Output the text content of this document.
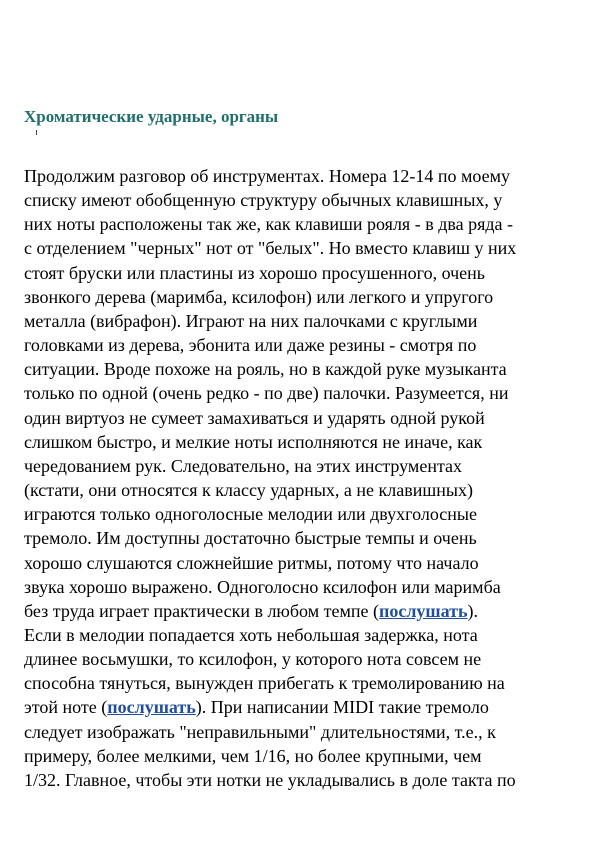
Хроматические ударные, органы

Продолжим разговор об инструментах. Номера 12-14 по моему
списку имеют обобщенную структуру обычных клавишных, у
них ноты расположены так же, как клавиши рояля - в два ряда -
с отделением "черных" нот от "белых". Но вместо клавиш у них
стоят бруски или пластины из хорошо просушенного, очень
звонкого дерева (маримба, ксилофон) или легкого и упругого
металла (вибрафон). Играют на них палочками с круглыми
головками из дерева, эбонита или даже резины - смотря по
ситуации. Вроде похоже на рояль, но в каждой руке музыканта
только по одной (очень редко - по две) палочки. Разумеется, ни
один виртуоз не сумеет замахиваться и ударять одной рукой
слишком быстро, и мелкие ноты исполняются не иначе, как
чередованием рук. Следовательно, на этих инструментах
(кстати, они относятся к классу ударных, а не клавишных)
играются только одноголосные мелодии или двухголосные
тремоло. Им доступны достаточно быстрые темпы и очень
хорошо слушаются сложнейшие ритмы, потому что начало
звука хорошо выражено. Одноголосно ксилофон или маримба
без труда играет практически в любом темпе (послушать).
Если в мелодии попадается хоть небольшая задержка, нота
длинее восьмушки, то ксилофон, у которого нота совсем не
способна тянуться, вынужден прибегать к тремолированию на
этой ноте (послушать). При написании MIDI такие тремоло
следует изображать "неправильными" длительностями, т.е., к
примеру, более мелкими, чем 1/16, но более крупными, чем
1/32. Главное, чтобы эти нотки не укладывались в доле такта по
